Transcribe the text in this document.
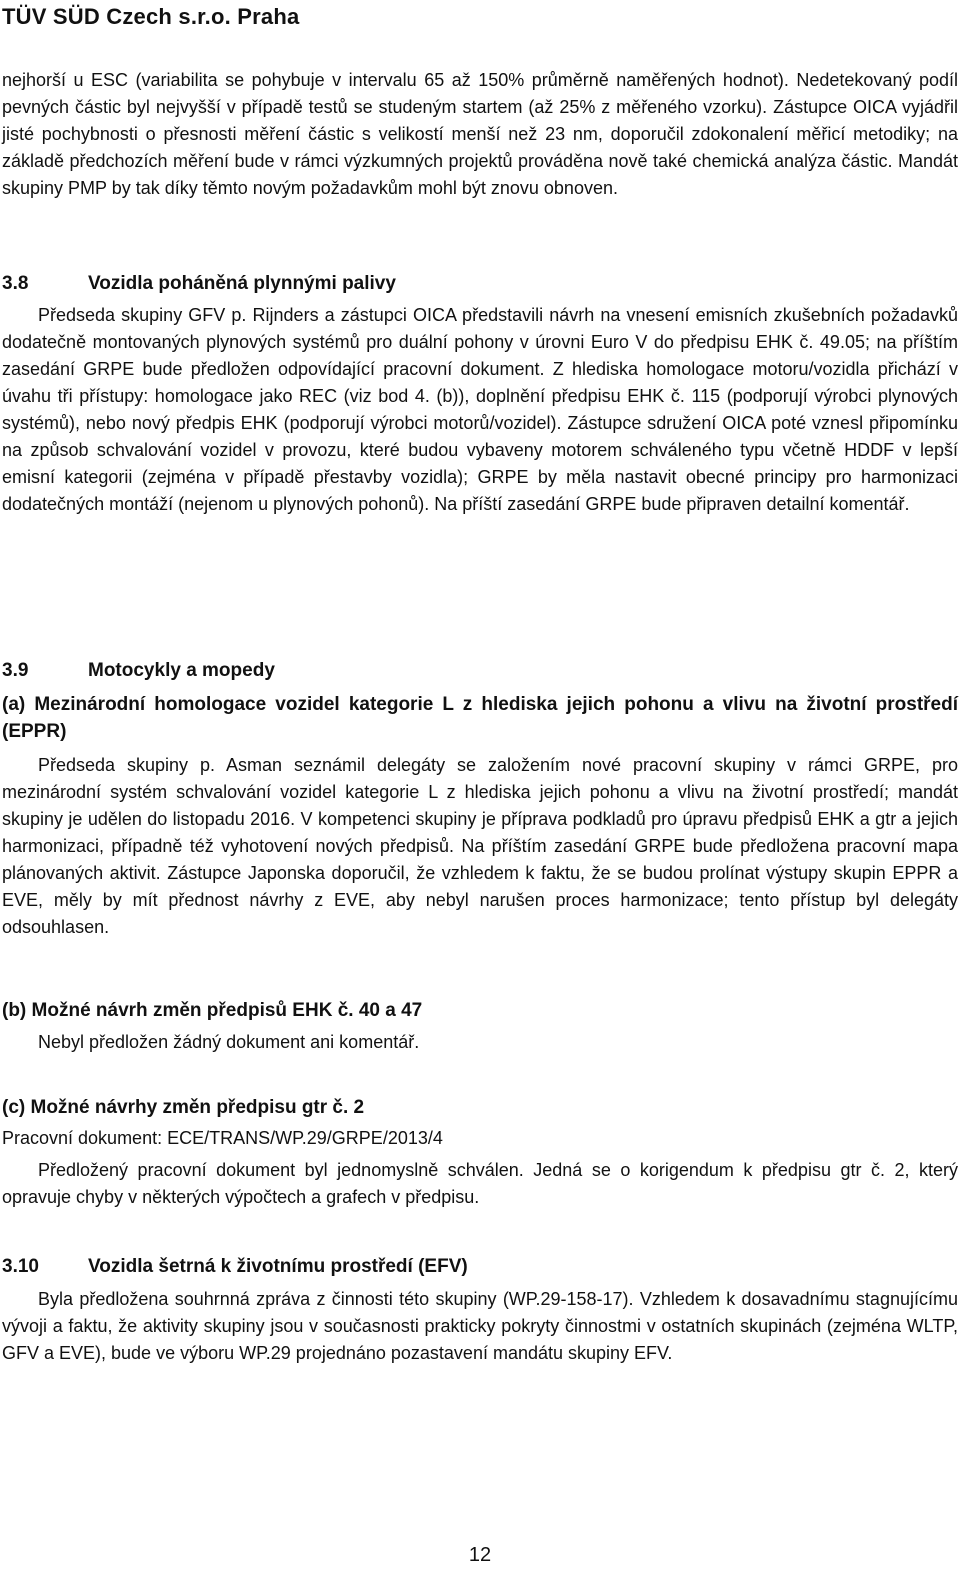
TÜV SÜD Czech s.r.o. Praha
nejhorší u ESC (variabilita se pohybuje v intervalu 65 až 150% průměrně naměřených hodnot). Nedetekovaný podíl pevných částic byl nejvyšší v případě testů se studeným startem (až 25% z měřeného vzorku). Zástupce OICA vyjádřil jisté pochybnosti o přesnosti měření částic s velikostí menší než 23 nm, doporučil zdokonalení měřicí metodiky; na základě předchozích měření bude v rámci výzkumných projektů prováděna nově také chemická analýza částic. Mandát skupiny PMP by tak díky těmto novým požadavkům mohl být znovu obnoven.
3.8	Vozidla poháněná plynnými palivy
Předseda skupiny GFV p. Rijnders a zástupci OICA představili návrh na vnesení emisních zkušebních požadavků dodatečně montovaných plynových systémů pro duální pohony v úrovni Euro V do předpisu EHK č. 49.05; na příštím zasedání GRPE bude předložen odpovídající pracovní dokument. Z hlediska homologace motoru/vozidla přichází v úvahu tři přístupy: homologace jako REC (viz bod 4. (b)), doplnění předpisu EHK č. 115 (podporují výrobci plynových systémů), nebo nový předpis EHK (podporují výrobci motorů/vozidel). Zástupce sdružení OICA poté vznesl připomínku na způsob schvalování vozidel v provozu, které budou vybaveny motorem schváleného typu včetně HDDF v lepší emisní kategorii (zejména v případě přestavby vozidla); GRPE by měla nastavit obecné principy pro harmonizaci dodatečných montáží (nejenom u plynových pohonů). Na příští zasedání GRPE bude připraven detailní komentář.
3.9	Motocykly a mopedy
(a) Mezinárodní homologace vozidel kategorie L z hlediska jejich pohonu a vlivu na životní prostředí (EPPR)
Předseda skupiny p. Asman seznámil delegáty se založením nové pracovní skupiny v rámci GRPE, pro mezinárodní systém schvalování vozidel kategorie L z hlediska jejich pohonu a vlivu na životní prostředí; mandát skupiny je udělen do listopadu 2016. V kompetenci skupiny je příprava podkladů pro úpravu předpisů EHK a gtr a jejich harmonizaci, případně též vyhotovení nových předpisů. Na příštím zasedání GRPE bude předložena pracovní mapa plánovaných aktivit. Zástupce Japonska doporučil, že vzhledem k faktu, že se budou prolínat výstupy skupin EPPR a EVE, měly by mít přednost návrhy z EVE, aby nebyl narušen proces harmonizace; tento přístup byl delegáty odsouhlasen.
(b) Možné návrh změn předpisů EHK č. 40 a 47
Nebyl předložen žádný dokument ani komentář.
(c) Možné návrhy změn předpisu gtr č. 2
Pracovní dokument: ECE/TRANS/WP.29/GRPE/2013/4
Předložený pracovní dokument byl jednomyslně schválen. Jedná se o korigendum k předpisu gtr č. 2, který opravuje chyby v některých výpočtech a grafech v předpisu.
3.10	Vozidla šetrná k životnímu prostředí (EFV)
Byla předložena souhrnná zpráva z činnosti této skupiny (WP.29-158-17). Vzhledem k dosavadnímu stagnujícímu vývoji a faktu, že aktivity skupiny jsou v současnosti prakticky pokryty činnostmi v ostatních skupinách (zejména WLTP, GFV a EVE), bude ve výboru WP.29 projednáno pozastavení mandátu skupiny EFV.
12
